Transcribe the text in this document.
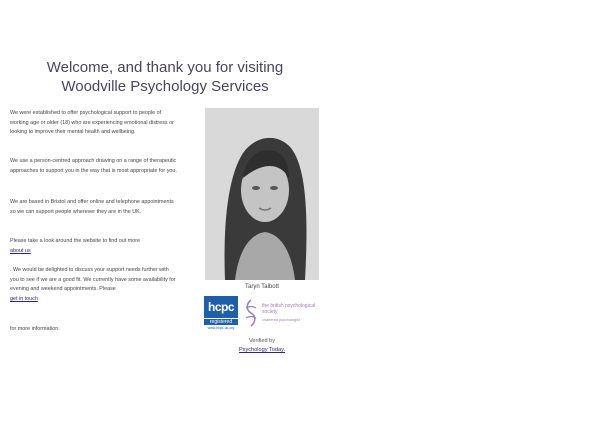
Welcome, and thank you for visiting Woodville Psychology Services
We were established to offer psychological support to people of working age or older (18) who are experiencing emotional distress or looking to improve their mental health and wellbeing.
We use a person-centred approach drawing on a range of therapeutic approaches to support you in the way that is most appropriate for you.
We are based in Bristol and offer online and telephone appointments so we can support people wherever they are in the UK.
Please take a look around the website to find out more
about us
. We would be delighted to discuss your support needs further with you to see if we are a good fit. We currently have some availability for evening and weekend appointments. Please
get in touch
for more information.
Taryn Talbott
hcpc
registered
www.hcpc-uk.org
the british psychological society
chartered psychologist
Verified by
Psychology Today.
